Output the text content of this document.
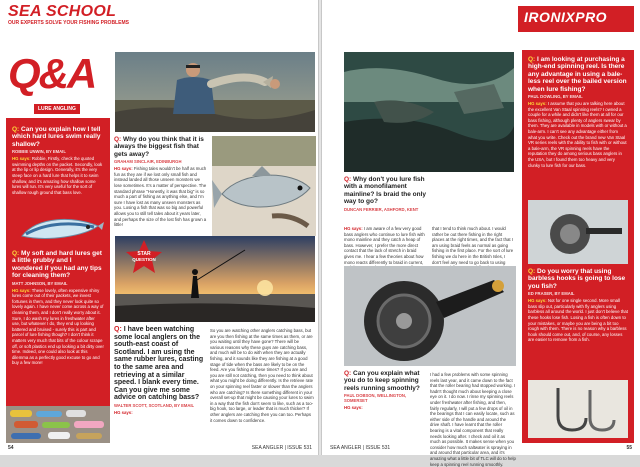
SEA SCHOOL
OUR EXPERTS SOLVE YOUR FISHING PROBLEMS
Q&A
LURE ANGLING
Q: Can you explain how I tell which hard lures swim really shallow?
ROBBIE UNWIN, BY EMAIL
HG says: Robbie, Firstly, check the quoted swimming depths on the packet. Secondly, look at the lip or lip design. Generally, it's the very steep face on a hard lure that helps it to swim shallow, and it's amazing how shallow some lures will run. It's very useful for the sort of shallow rough ground that bass love.
Q: My soft and hard lures get a little grubby and I wondered if you had any tips for cleaning them?
MATT JOHNSON, BY EMAIL
HG says: These lovely, often expensive shiny lures come out of their packets, we invest fortunes in them, and they never look quite so lovely again. I have never come across a way of cleaning them, and I don't really worry about it. Sure, I do wash my lures in freshwater after use, but whatever I do, they end up looking battered and bruised - surely this is part and parcel of lure fishing though? I don't think it matters very much that bits of the colour scrape off, or soft plastics end up looking a bit dirty over time. Indeed, one could also look at this dilemma as a perfectly good excuse to go and buy a few more!
Q: Why do you think that it is always the biggest fish that gets away?
GRAHAM SINCLAIR, EDINBURGH
HG says: Fishing tales wouldn't be half as much fun as they are if we lost only small fish and instead landed all those unseen monsters we lose sometimes. It's a matter of perspective. The standard phrase "Honestly, it was that big" is so much a part of fishing as anything else, and I'm sure I have lost as many unseen monsters as you. Losing a fish that was so big and powerful allows you to still tell tales about it years later, and perhaps the size of the lost fish has grown a little!
STAR
QUESTION
Q: I have been watching some local anglers on the south-east coast of Scotland. I am using the same rubber lures, casting to the same area and retrieving at a similar speed. I blank every time. Can you give me some advice on catching bass?
WALTER SCOTT, SCOTLAND, BY EMAIL
HG says:
So you are watching other anglers catching bass, but are you then fishing at the same times as them, or are you waiting until they have gone? There will be various reasons why these guys are catching bass, and much will be to do with when they are actually fishing, and it sounds like they are fishing at a good stage of tide when the bass are likely to be on the feed. Are you fishing at these times? If you are and you are still not catching, then you need to think about what you might be doing differently. Is the retrieve rate on your spinning reel faster or slower than the anglers who are catching? Is there something different in your overall set-up that might be causing your lures to swim in a way that the fish don't seem to like, such as a too-big hook, too large, or leader that is much thicker? If other anglers are catching then you can too. Perhaps it comes down to confidence.
54	SEA ANGLER | ISSUE 531
IRONIXPRO
Q: Why don't you lure fish with a monofilament mainline? Is braid the only way to go?
DUNCAN FERRIER, ASHFORD, KENT
HG says: I am aware of a few very good bass anglers who continue to lure fish with mono mainline and they catch a heap of bass. However, I prefer the more direct contact that the lack of stretch in braid gives me. I hear a few theories about how mono reacts differently to braid in current, that I tend to think much about. I would rather be out there fishing in the right places at the right times, and the fact that I am using braid feels as normal as going fishing in the first place. For the sort of lure fishing we do here in the British Isles, I don't feel any need to go back to using
Q: Can you explain what you do to keep spinning reels running smoothly?
PAUL DOBSON, WELLINGTON, SOMERSET
HG says:
I had a few problems with some spinning reels last year, and it came down to the fact that the roller bearing had stopped working. I hadn't thought much about keeping a close eye on it. I do now. I rinse my spinning reels under freshwater after fishing, and then, fairly regularly, I will put a few drops of oil in the bearings that I can easily locate, such as either side of the handle and around the drive shaft. I have learnt that the roller bearing is a vital component that really needs looking after. I check and oil it as much as possible. It makes sense when you consider how much saltwater is spraying in and around that particular area, and it's amazing what a little bit of TLC will do to help keep a spinning reel running smoothly.
Q: I am looking at purchasing a high-end spinning reel. Is there any advantage in using a bale-less reel over the bailed version when lure fishing?
PAUL DOWLING, BY EMAIL
HG says: I assume that you are talking here about the excellent Van Staal spinning reels? I owned a couple for a while and didn't like them at all for our bass fishing, although plenty of anglers swear by them. They are available in models with or without a bale-arm. I can't see any advantage either from what you write. Check out the brand new Van Staal VR series reels with the ability to fish with or without a bale-arm, the VR spinning reels have the reputation they do among serious bass anglers in the USA, but I found them too heavy and very clunky to lure fish for our bass.
Q: Do you worry that using barbless hooks is going to lose you fish?
ED FRASER, BY EMAIL
HG says: Not for one single second. More small bass slip out, particularly with fly anglers using barbless all around the world. I just don't believe that these hooks lose fish. Losing a fish is often down to your mistakes, or maybe you are being a bit too rough with them. There is no reason why a barbless hook should come out, and, of course, any losses are easier to remove from a fish.
SEA ANGLER | ISSUE 531	55
